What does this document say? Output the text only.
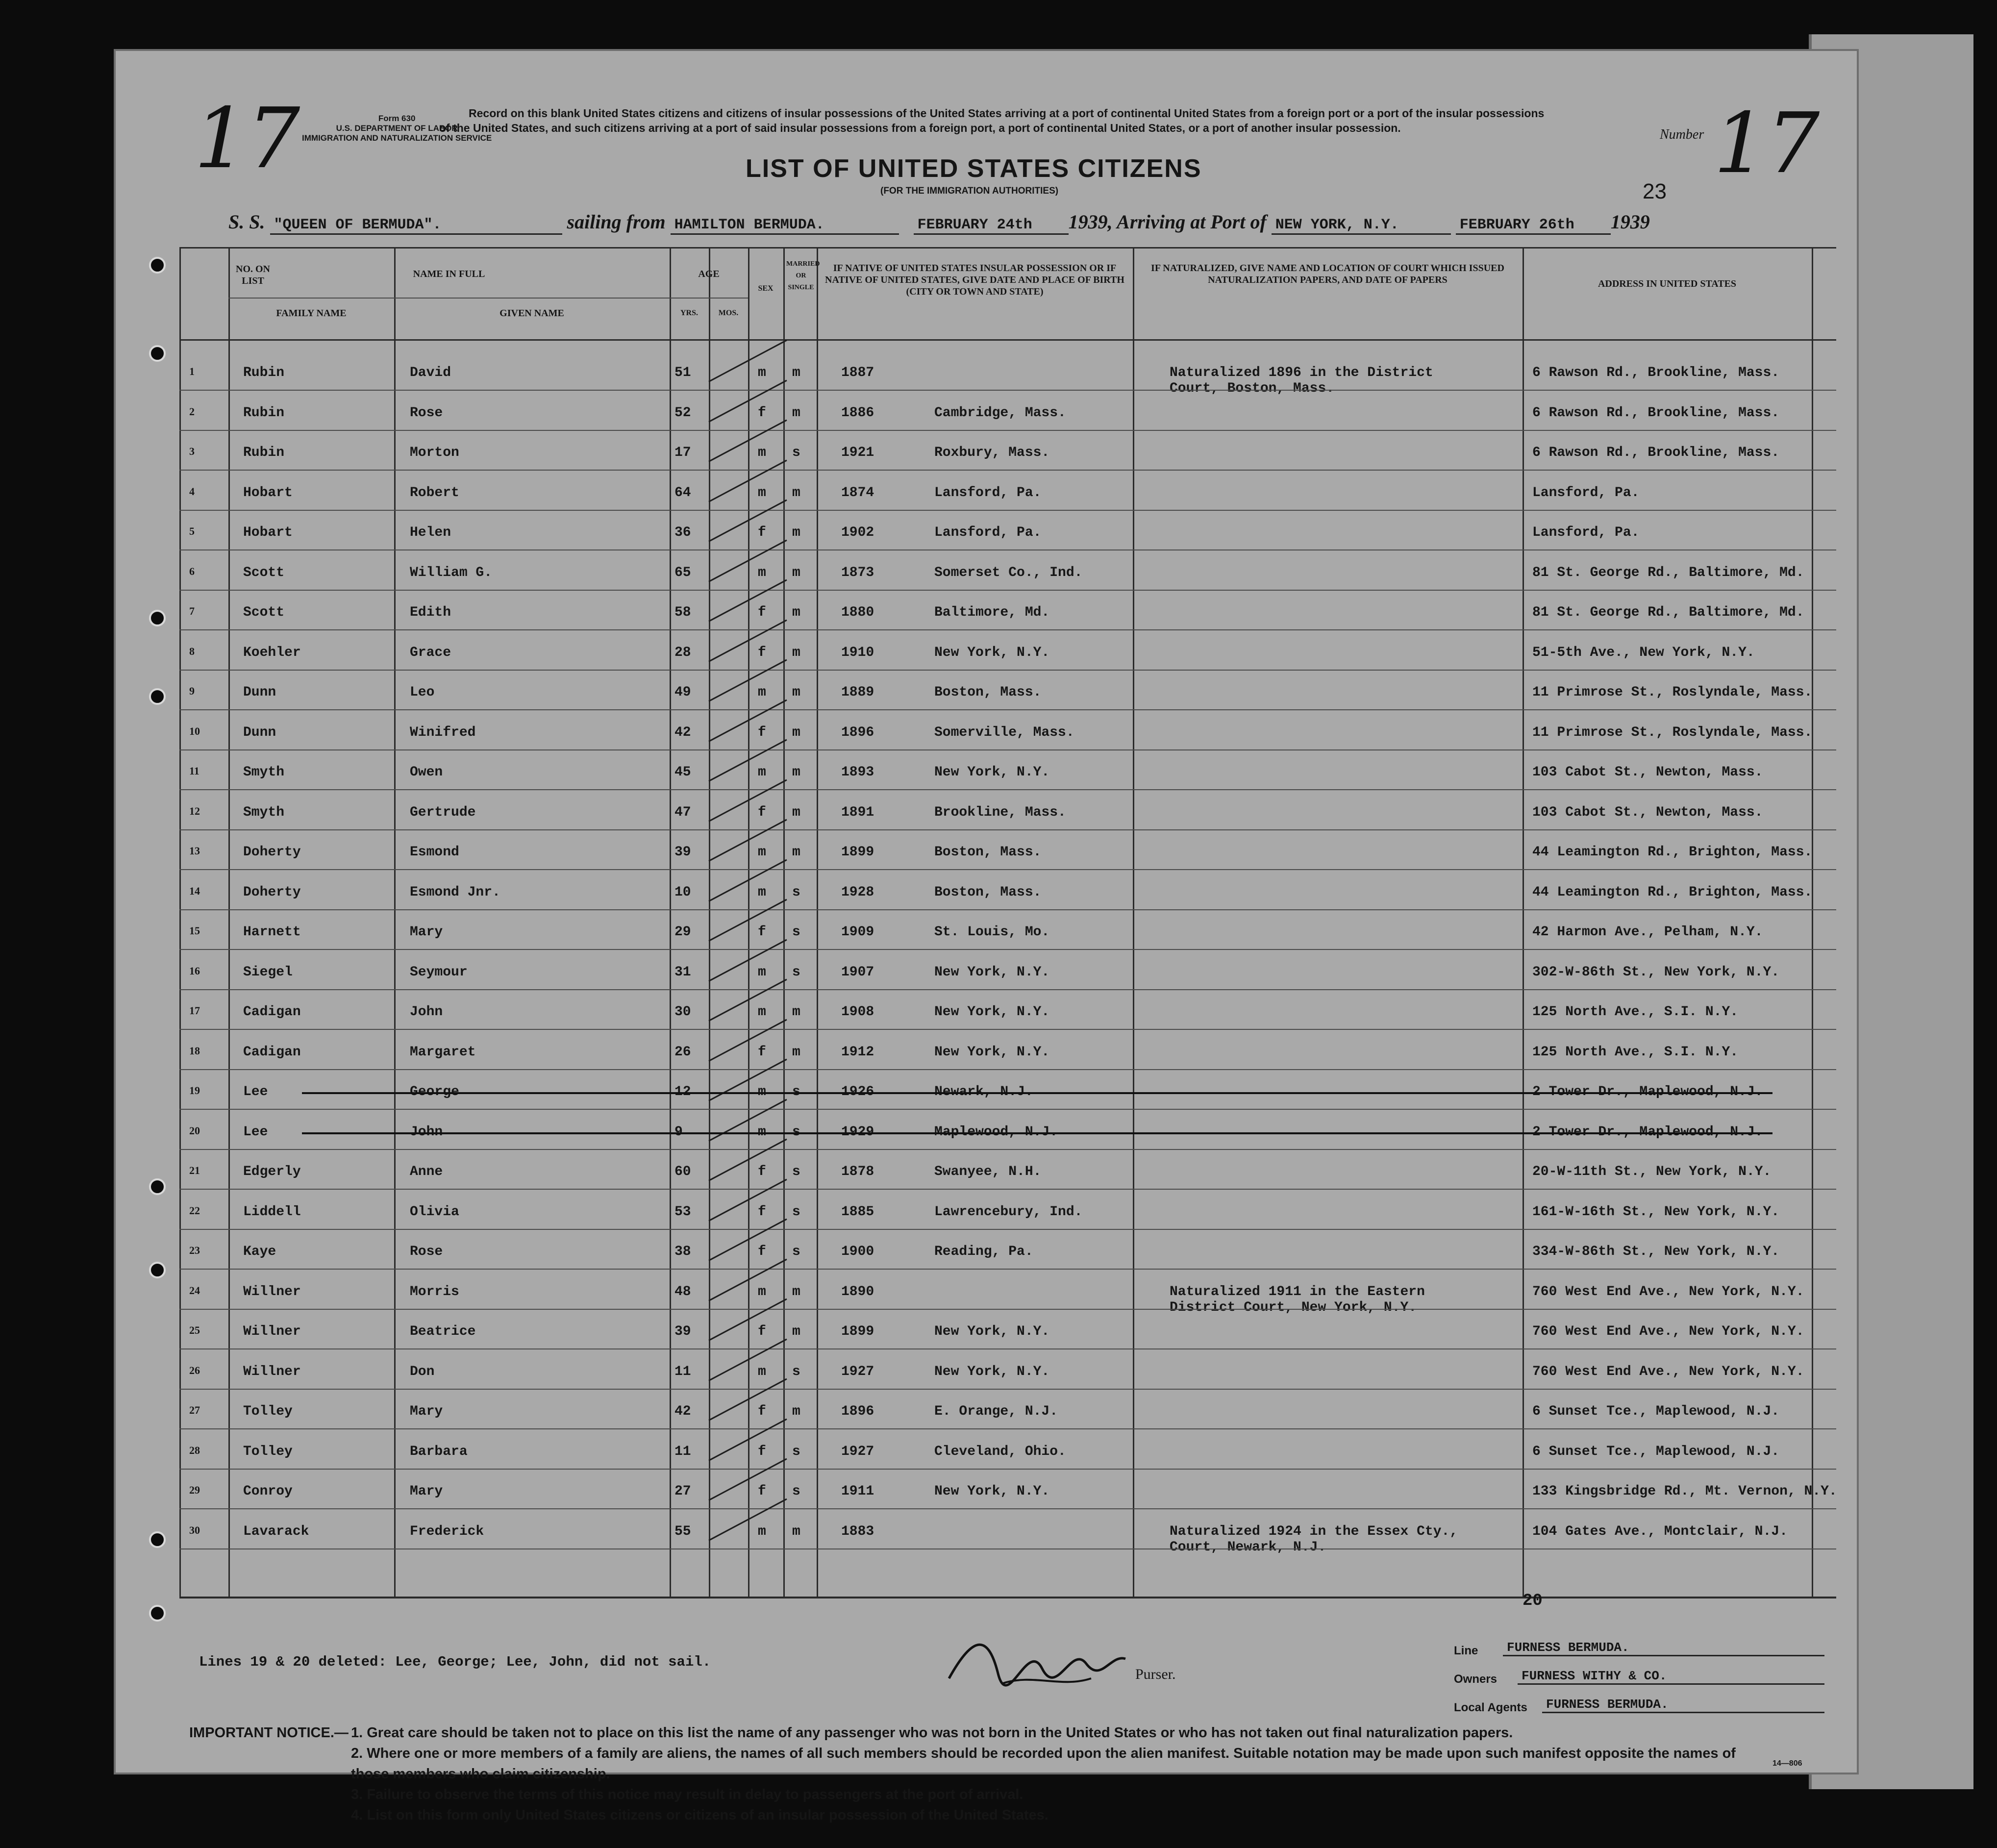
17	Form 630
U.S. DEPARTMENT OF LABOR
IMMIGRATION AND NATURALIZATION SERVICE
Record on this blank United States citizens and citizens of insular possessions of the United States arriving at a port of continental United States from a foreign port or a port of the insular possessions of the United States, and such citizens arriving at a port of said insular possessions from a foreign port, a port of continental United States, or a port of another insular possession.
LIST OF UNITED STATES CITIZENS
(FOR THE IMMIGRATION AUTHORITIES)
Number 17
23
S. S. "QUEEN OF BERMUDA".	sailing from HAMILTON BERMUDA.	FEBRUARY 24th 1939, Arriving at Port of NEW YORK, N.Y.	FEBRUARY 26th 1939
NO. ON LIST
NAME IN FULL
FAMILY NAME	GIVEN NAME
AGE
YRS.	MOS.
SEX
MARRIED OR SINGLE
IF NATIVE OF UNITED STATES INSULAR POSSESSION OR IF NATIVE OF UNITED STATES, GIVE DATE AND PLACE OF BIRTH (CITY OR TOWN AND STATE)
IF NATURALIZED, GIVE NAME AND LOCATION OF COURT WHICH ISSUED NATURALIZATION PAPERS, AND DATE OF PAPERS	ADDRESS IN UNITED STATES
1	Rubin	David	51	m m	1887	Naturalized 1896 in the District	6 Rawson Rd., Brookline, Mass.
Court, Boston, Mass.
2	Rubin	Rose	52	f m	1886	Cambridge, Mass.	6 Rawson Rd., Brookline, Mass.
3	Rubin	Morton	17	m s	1921	Roxbury, Mass.	6 Rawson Rd., Brookline, Mass.
4	Hobart	Robert	64	m m	1874	Lansford, Pa.	Lansford, Pa.
5	Hobart	Helen	36	f m	1902	Lansford, Pa.	Lansford, Pa.
6	Scott	William G.	65	m m	1873	Somerset Co., Ind.	81 St. George Rd., Baltimore, Md.
7	Scott	Edith	58	f m	1880	Baltimore, Md.	81 St. George Rd., Baltimore, Md.
8	Koehler	Grace	28	f m	1910	New York, N.Y.	51-5th Ave., New York, N.Y.
9	Dunn	Leo	49	m m	1889	Boston, Mass.	11 Primrose St., Roslyndale, Mass.
10	Dunn	Winifred	42	f m	1896	Somerville, Mass.	11 Primrose St., Roslyndale, Mass.
11	Smyth	Owen	45	m m	1893	New York, N.Y.	103 Cabot St., Newton, Mass.
12	Smyth	Gertrude	47	f m	1891	Brookline, Mass.	103 Cabot St., Newton, Mass.
13	Doherty	Esmond	39	m m	1899	Boston, Mass.	44 Leamington Rd., Brighton, Mass.
14	Doherty	Esmond Jnr.	10	m s	1928	Boston, Mass.	44 Leamington Rd., Brighton, Mass.
15	Harnett	Mary	29	f s	1909	St. Louis, Mo.	42 Harmon Ave., Pelham, N.Y.
16	Siegel	Seymour	31	m s	1907	New York, N.Y.	302-W-86th St., New York, N.Y.
17	Cadigan	John	30	m m	1908	New York, N.Y.	125 North Ave., S.I. N.Y.
18	Cadigan	Margaret	26	f m	1912	New York, N.Y.	125 North Ave., S.I. N.Y.
19	Lee	George	12	m s	1926	Newark, N.J.	2 Tower Dr., Maplewood, N.J.
20	Lee	John	9	m s	1929	Maplewood, N.J.	2 Tower Dr., Maplewood, N.J.
21	Edgerly	Anne	60	f s	1878	Swanyee, N.H.	20-W-11th St., New York, N.Y.
22	Liddell	Olivia	53	f s	1885	Lawrencebury, Ind.	161-W-16th St., New York, N.Y.
23	Kaye	Rose	38	f s	1900	Reading, Pa.	334-W-86th St., New York, N.Y.
24	Willner	Morris	48	m m	1890	Naturalized 1911 in the Eastern	760 West End Ave., New York, N.Y.
District Court, New York, N.Y.
25	Willner	Beatrice	39	f m	1899	New York, N.Y.	760 West End Ave., New York, N.Y.
26	Willner	Don	11	m s	1927	New York, N.Y.	760 West End Ave., New York, N.Y.
27	Tolley	Mary	42	f m	1896	E. Orange, N.J.	6 Sunset Tce., Maplewood, N.J.
28	Tolley	Barbara	11	f s	1927	Cleveland, Ohio.	6 Sunset Tce., Maplewood, N.J.
29	Conroy	Mary	27	f s	1911	New York, N.Y.	133 Kingsbridge Rd., Mt. Vernon, N.Y.
30	Lavarack	Frederick	55	m m	1883	Naturalized 1924 in the Essex Cty.,	104 Gates Ave., Montclair, N.J.
Court, Newark, N.J.
20
Lines 19 & 20 deleted: Lee, George; Lee, John, did not sail.
Purser.
Line	FURNESS BERMUDA.
Owners	FURNESS WITHY & CO.
Local Agents	FURNESS BERMUDA.
IMPORTANT NOTICE.— 1. Great care should be taken not to place on this list the name of any passenger who was not born in the United States or who has not taken out final naturalization papers.
2. Where one or more members of a family are aliens, the names of all such members should be recorded upon the alien manifest. Suitable notation may be made upon such manifest opposite the names of those members who claim citizenship.
3. Failure to observe the terms of this notice may result in delay to passengers at the port of arrival.
4. List on this form only United States citizens or citizens of an insular possession of the United States.
14—806
